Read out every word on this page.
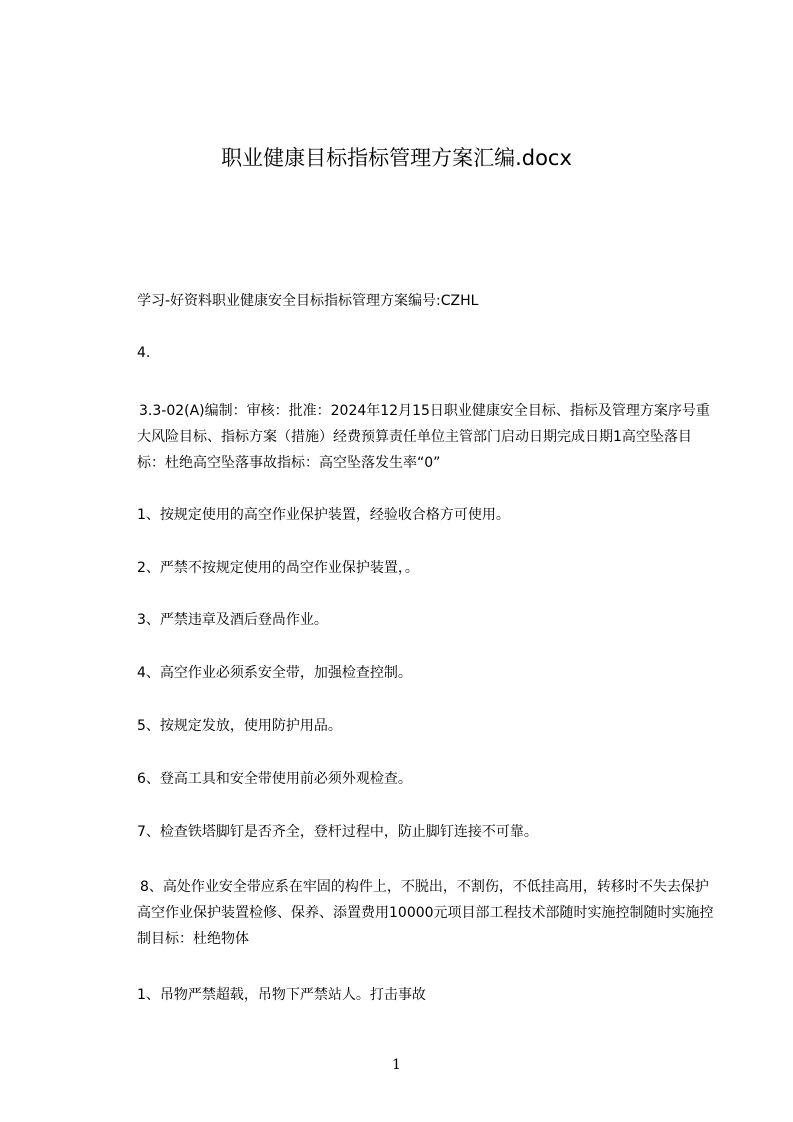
职业健康目标指标管理方案汇编.docx
学习-好资料职业健康安全目标指标管理方案编号:CZHL
4.
3.3-02(A)编制：审核：批准：2024年12月15日职业健康安全目标、指标及管理方案序号重大风险目标、指标方案（措施）经费预算责任单位主管部门启动日期完成日期1高空坠落目标：杜绝高空坠落事故指标：高空坠落发生率“0”
1、按规定使用的高空作业保护装置，经验收合格方可使用。
2、严禁不按规定使用的咼空作业保护装置，。
3、严禁违章及酒后登咼作业。
4、高空作业必须系安全带，加强检查控制。
5、按规定发放，使用防护用品。
6、登高工具和安全带使用前必须外观检查。
7、检查铁塔脚钉是否齐全，登杆过程中，防止脚钉连接不可靠。
8、高处作业安全带应系在牢固的构件上，不脱出，不割伤，不低挂高用，转移时不失去保护高空作业保护装置检修、保养、添置费用10000元项目部工程技术部随时实施控制随时实施控制目标：杜绝物体
1、吊物严禁超载，吊物下严禁站人。打击事故
1
